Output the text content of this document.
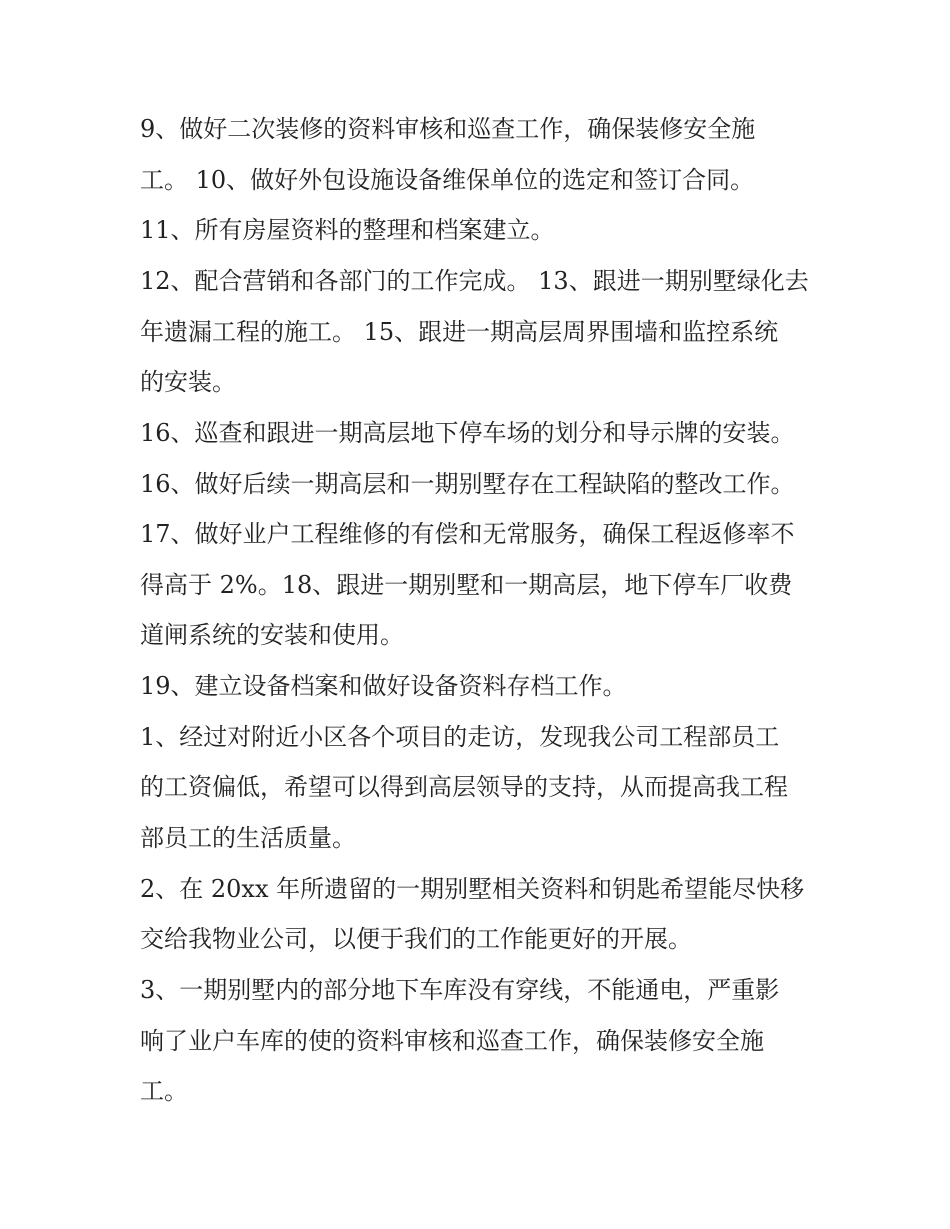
9、做好二次装修的资料审核和巡查工作，确保装修安全施
工。 10、做好外包设施设备维保单位的选定和签订合同。
11、所有房屋资料的整理和档案建立。
12、配合营销和各部门的工作完成。 13、跟进一期别墅绿化去
年遗漏工程的施工。 15、跟进一期高层周界围墙和监控系统
的安装。
16、巡查和跟进一期高层地下停车场的划分和导示牌的安装。
16、做好后续一期高层和一期别墅存在工程缺陷的整改工作。
17、做好业户工程维修的有偿和无常服务，确保工程返修率不
得高于 2%。18、跟进一期别墅和一期高层，地下停车厂收费
道闸系统的安装和使用。
19、建立设备档案和做好设备资料存档工作。
1、经过对附近小区各个项目的走访，发现我公司工程部员工
的工资偏低，希望可以得到高层领导的支持，从而提高我工程
部员工的生活质量。
2、在 20xx 年所遗留的一期别墅相关资料和钥匙希望能尽快移
交给我物业公司，以便于我们的工作能更好的开展。
3、一期别墅内的部分地下车库没有穿线，不能通电，严重影
响了业户车库的使的资料审核和巡查工作，确保装修安全施
工。
